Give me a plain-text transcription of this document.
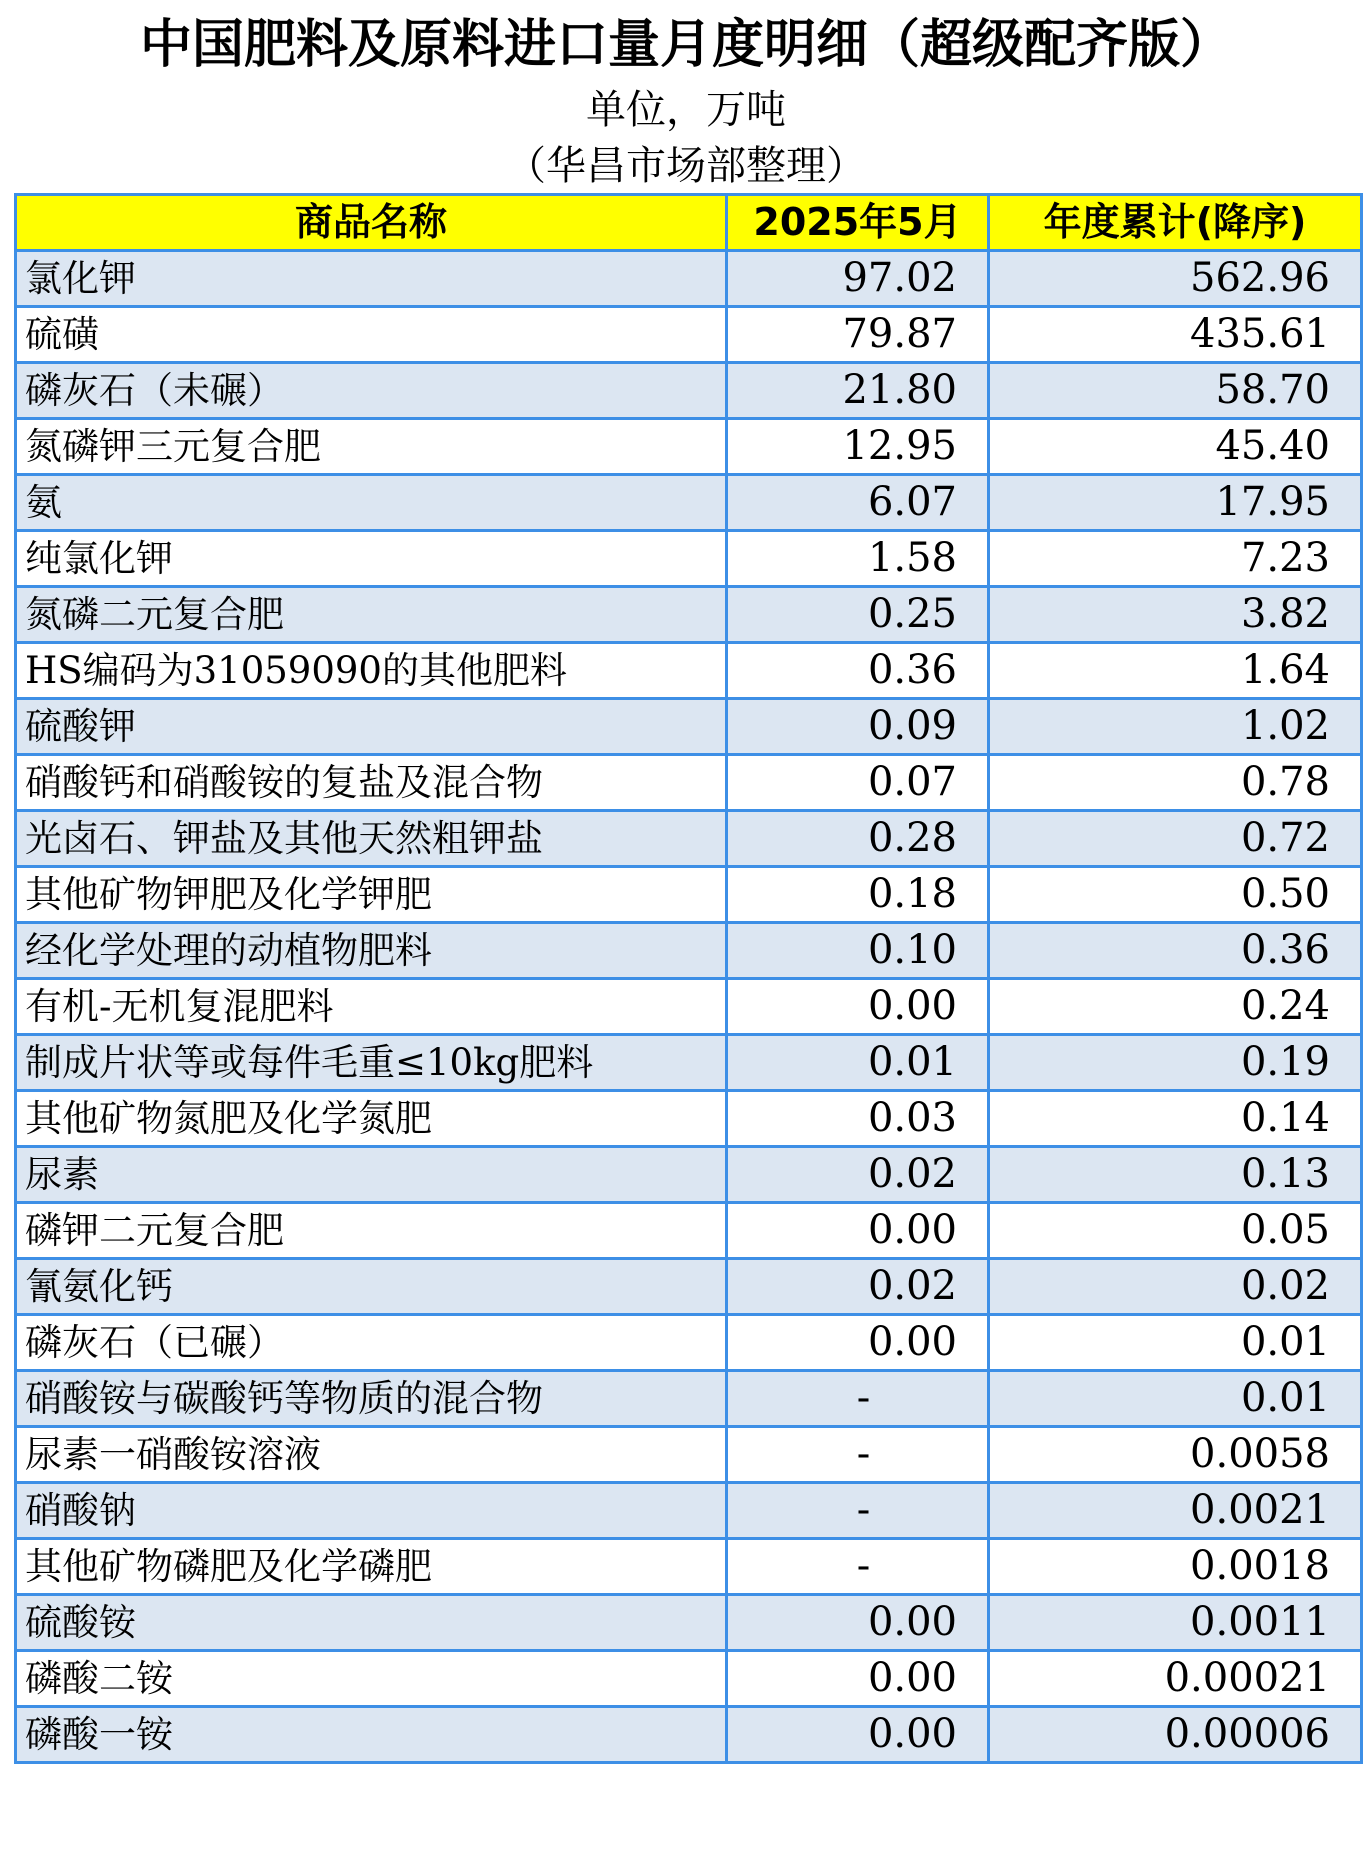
中国肥料及原料进口量月度明细（超级配齐版）
单位，万吨
（华昌市场部整理）
商品名称	2025年5月	年度累计(降序)
氯化钾	97.02	562.96
硫磺	79.87	435.61
磷灰石（未碾）	21.80	58.70
氮磷钾三元复合肥	12.95	45.40
氨	6.07	17.95
纯氯化钾	1.58	7.23
氮磷二元复合肥	0.25	3.82
HS编码为31059090的其他肥料	0.36	1.64
硫酸钾	0.09	1.02
硝酸钙和硝酸铵的复盐及混合物	0.07	0.78
光卤石、钾盐及其他天然粗钾盐	0.28	0.72
其他矿物钾肥及化学钾肥	0.18	0.50
经化学处理的动植物肥料	0.10	0.36
有机-无机复混肥料	0.00	0.24
制成片状等或每件毛重≤10kg肥料	0.01	0.19
其他矿物氮肥及化学氮肥	0.03	0.14
尿素	0.02	0.13
磷钾二元复合肥	0.00	0.05
氰氨化钙	0.02	0.02
磷灰石（已碾）	0.00	0.01
硝酸铵与碳酸钙等物质的混合物	-	0.01
尿素一硝酸铵溶液	-	0.0058
硝酸钠	-	0.0021
其他矿物磷肥及化学磷肥	-	0.0018
硫酸铵	0.00	0.0011
磷酸二铵	0.00	0.00021
磷酸一铵	0.00	0.00006
